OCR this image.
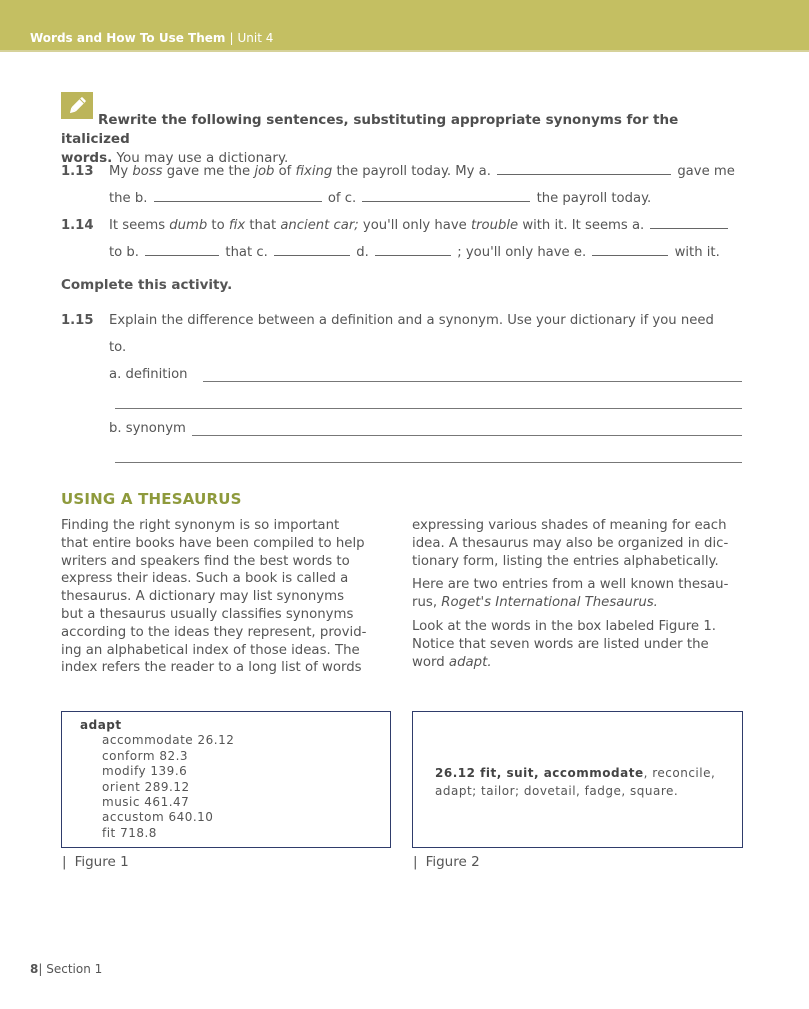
Words and How To Use Them | Unit 4
Rewrite the following sentences, substituting appropriate synonyms for the italicized
words. You may use a dictionary.
1.13 My boss gave me the job of fixing the payroll today. My a.	gave me
the b.	of c.	the payroll today.
1.14 It seems dumb to fix that ancient car; you'll only have trouble with it. It seems a.
to b.	that c.	d.	; you'll only have e.	with it.
Complete this activity.
1.15 Explain the difference between a definition and a synonym. Use your dictionary if you need
to.
a. definition
b. synonym
USING A THESAURUS
Finding the right synonym is so important
that entire books have been compiled to help
writers and speakers find the best words to
express their ideas. Such a book is called a
thesaurus. A dictionary may list synonyms
but a thesaurus usually classifies synonyms
according to the ideas they represent, provid-
ing an alphabetical index of those ideas. The
index refers the reader to a long list of words

expressing various shades of meaning for each
idea. A thesaurus may also be organized in dic-
tionary form, listing the entries alphabetically.

Here are two entries from a well known thesau-
rus, Roget's International Thesaurus.

Look at the words in the box labeled Figure 1.
Notice that seven words are listed under the
word adapt.

adapt
accommodate 26.12
conform 82.3
modify 139.6
orient 289.12
music 461.47
accustom 640.10
fit 718.8
| Figure 1
26.12 fit, suit, accommodate, reconcile,
adapt; tailor; dovetail, fadge, square.
| Figure 2
8| Section 1
